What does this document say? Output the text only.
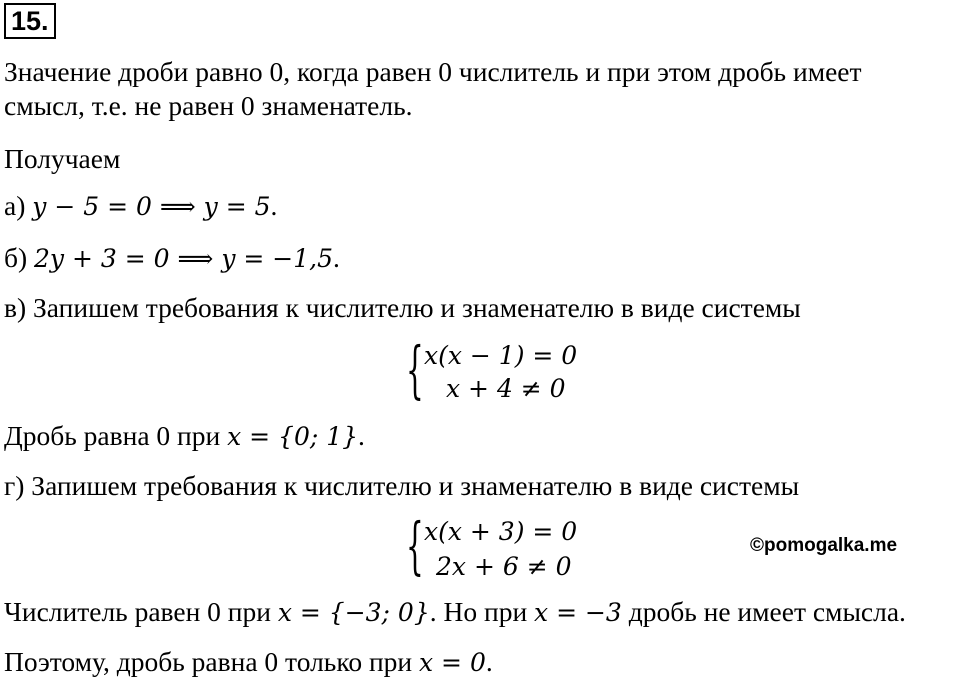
15.
Значение дроби равно 0, когда равен 0 числитель и при этом дробь имеет
смысл, т.е. не равен 0 знаменатель.
Получаем
а) y − 5 = 0 ⟹ y = 5.
б) 2y + 3 = 0 ⟹ y = −1,5.
в) Запишем требования к числителю и знаменателю в виде системы
{ x(x − 1) = 0
x + 4 ≠ 0
Дробь равна 0 при x = {0; 1}.
г) Запишем требования к числителю и знаменателю в виде системы
{ x(x + 3) = 0
2x + 6 ≠ 0
©pomogalka.me
Числитель равен 0 при x = {−3; 0}. Но при x = −3 дробь не имеет смысла.
Поэтому, дробь равна 0 только при x = 0.
